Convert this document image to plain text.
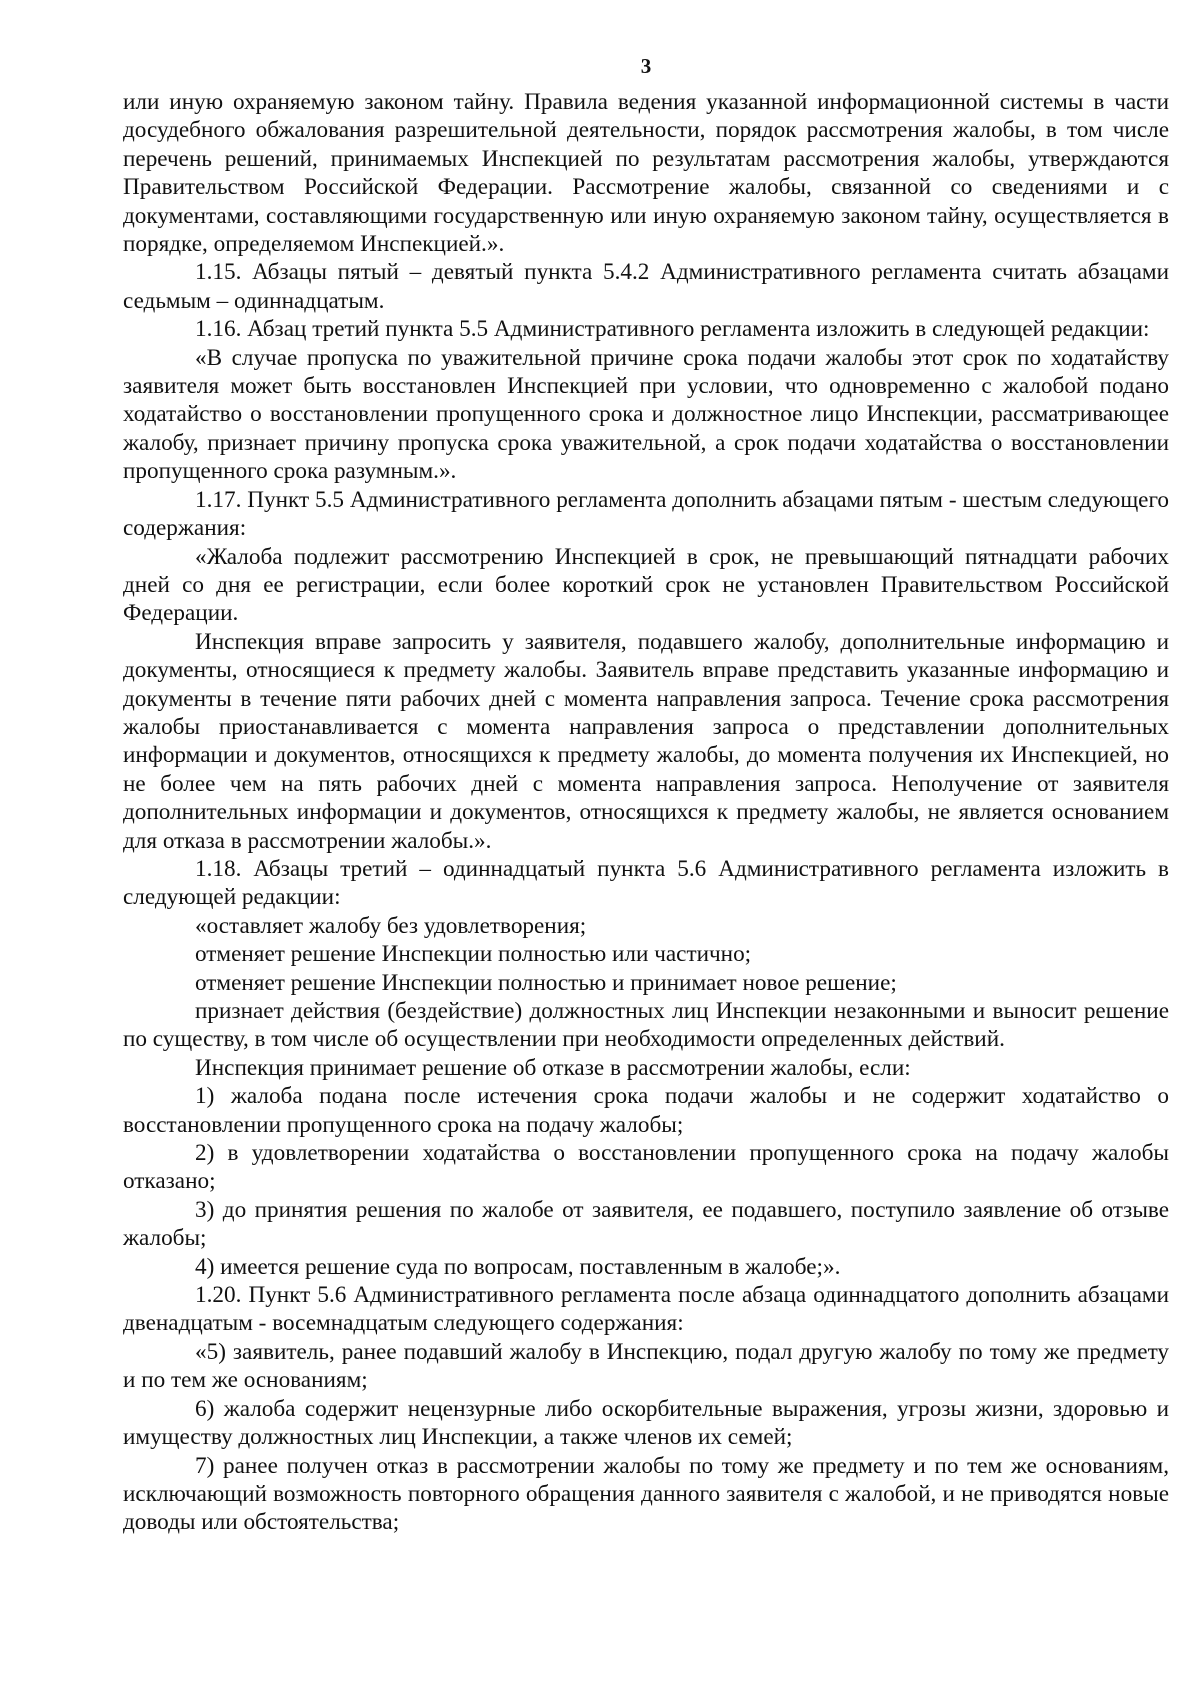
3

или иную охраняемую законом тайну. Правила ведения указанной информационной системы в части досудебного обжалования разрешительной деятельности, порядок рассмотрения жалобы, в том числе перечень решений, принимаемых Инспекцией по результатам рассмотрения жалобы, утверждаются Правительством Российской Федерации. Рассмотрение жалобы, связанной со сведениями и с документами, составляющими государственную или иную охраняемую законом тайну, осуществляется в порядке, определяемом Инспекцией.».

1.15. Абзацы пятый – девятый пункта 5.4.2 Административного регламента считать абзацами седьмым – одиннадцатым.

1.16. Абзац третий пункта 5.5 Административного регламента изложить в следующей редакции:

«В случае пропуска по уважительной причине срока подачи жалобы этот срок по ходатайству заявителя может быть восстановлен Инспекцией при условии, что одновременно с жалобой подано ходатайство о восстановлении пропущенного срока и должностное лицо Инспекции, рассматривающее жалобу, признает причину пропуска срока уважительной, а срок подачи ходатайства о восстановлении пропущенного срока разумным.».

1.17. Пункт 5.5 Административного регламента дополнить абзацами пятым - шестым следующего содержания:

«Жалоба подлежит рассмотрению Инспекцией в срок, не превышающий пятнадцати рабочих дней со дня ее регистрации, если более короткий срок не установлен Правительством Российской Федерации.

Инспекция вправе запросить у заявителя, подавшего жалобу, дополнительные информацию и документы, относящиеся к предмету жалобы. Заявитель вправе представить указанные информацию и документы в течение пяти рабочих дней с момента направления запроса. Течение срока рассмотрения жалобы приостанавливается с момента направления запроса о представлении дополнительных информации и документов, относящихся к предмету жалобы, до момента получения их Инспекцией, но не более чем на пять рабочих дней с момента направления запроса. Неполучение от заявителя дополнительных информации и документов, относящихся к предмету жалобы, не является основанием для отказа в рассмотрении жалобы.».

1.18. Абзацы третий – одиннадцатый пункта 5.6 Административного регламента изложить в следующей редакции:

«оставляет жалобу без удовлетворения;

отменяет решение Инспекции полностью или частично;

отменяет решение Инспекции полностью и принимает новое решение;

признает действия (бездействие) должностных лиц Инспекции незаконными и выносит решение по существу, в том числе об осуществлении при необходимости определенных действий.

Инспекция принимает решение об отказе в рассмотрении жалобы, если:

1) жалоба подана после истечения срока подачи жалобы и не содержит ходатайство о восстановлении пропущенного срока на подачу жалобы;

2) в удовлетворении ходатайства о восстановлении пропущенного срока на подачу жалобы отказано;

3) до принятия решения по жалобе от заявителя, ее подавшего, поступило заявление об отзыве жалобы;

4) имеется решение суда по вопросам, поставленным в жалобе;».

1.20. Пункт 5.6 Административного регламента после абзаца одиннадцатого дополнить абзацами двенадцатым - восемнадцатым следующего содержания:

«5) заявитель, ранее подавший жалобу в Инспекцию, подал другую жалобу по тому же предмету и по тем же основаниям;

6) жалоба содержит нецензурные либо оскорбительные выражения, угрозы жизни, здоровью и имуществу должностных лиц Инспекции, а также членов их семей;

7) ранее получен отказ в рассмотрении жалобы по тому же предмету и по тем же основаниям, исключающий возможность повторного обращения данного заявителя с жалобой, и не приводятся новые доводы или обстоятельства;
